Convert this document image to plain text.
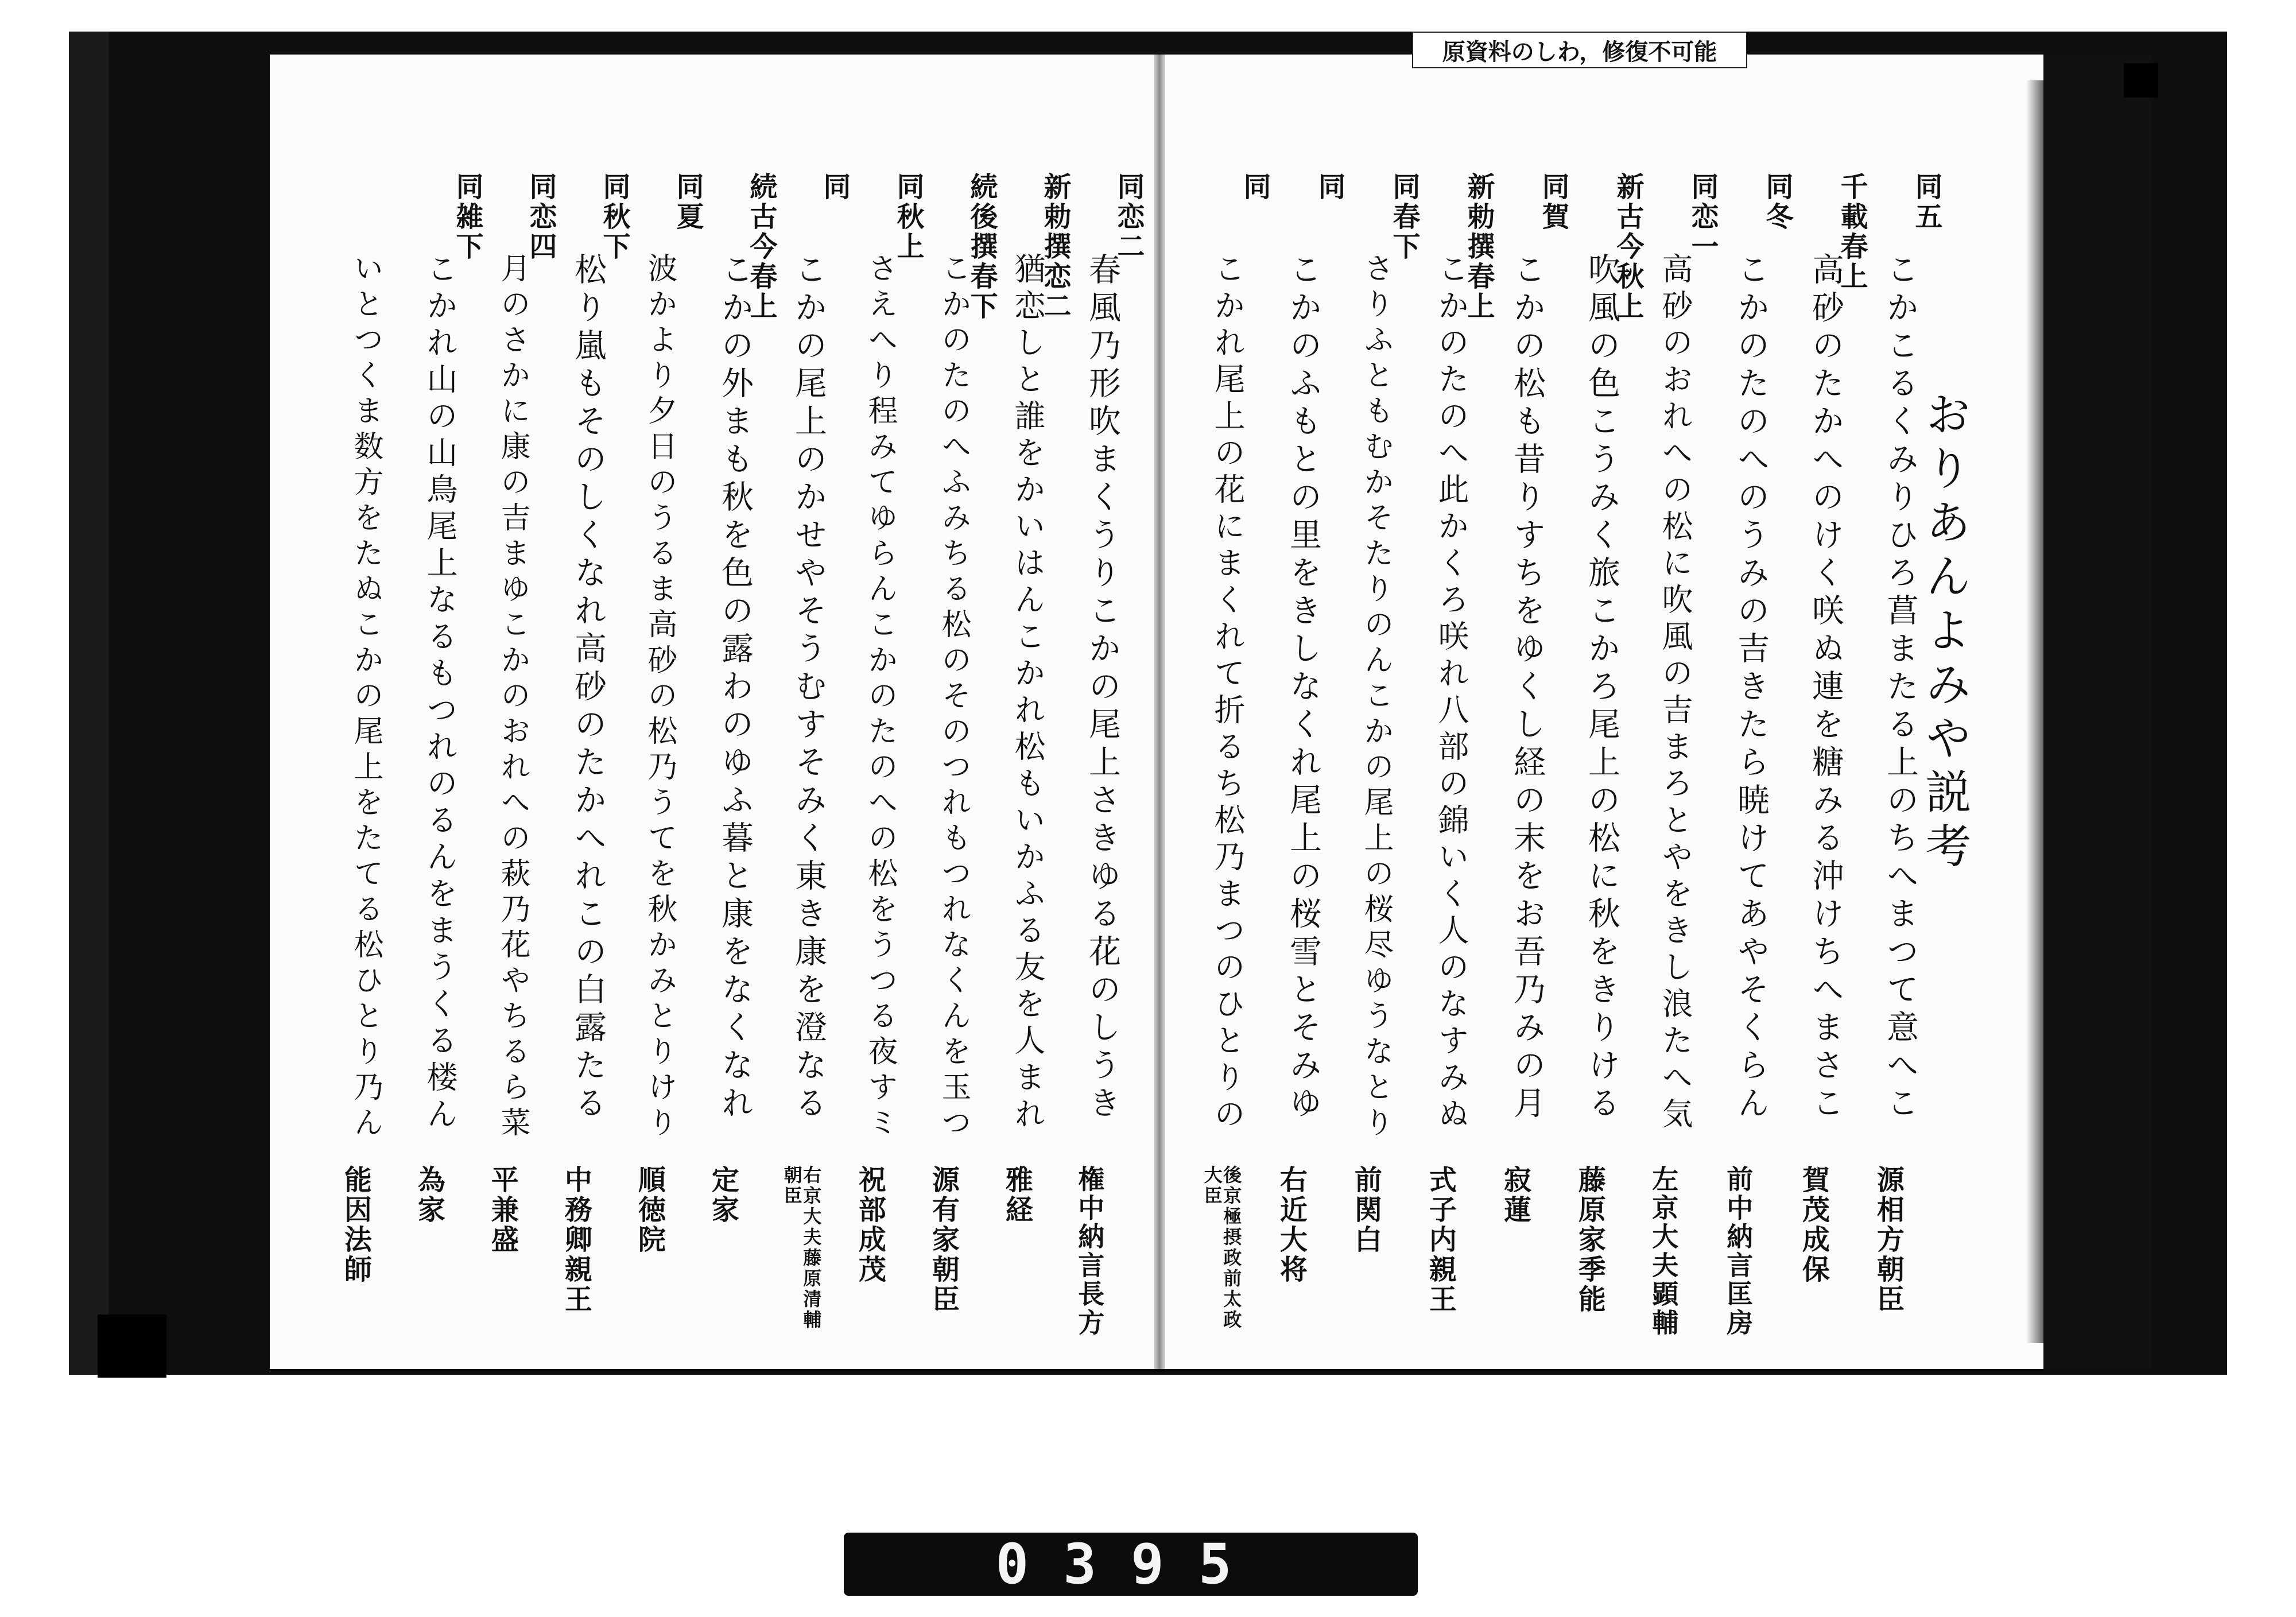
原資料のしわ，修復不可能
おりあんよみや説考
同五
こかこるくみりひろ菖またる上のちへまつて意へこ
源相方朝臣
千載春上
高砂のたかへのけく咲ぬ連を糖みる沖けちへまさこ
賀茂成保
同冬
こかのたのへのうみの吉きたら暁けてあやそくらん
前中納言匡房
同恋一
高砂のおれへの松に吹風の吉まろとやをきし浪たへ気
左京大夫顕輔
新古今秋上
吹風の色こうみく旅こかろ尾上の松に秋をきりける
藤原家季能
同賀
こかの松も昔りすちをゆくし経の末をお吾乃みの月
寂蓮
新勅撰春上
こかのたのへ此かくろ咲れ八部の錦いく人のなすみぬ
式子内親王
同春下
さりふともむかそたりのんこかの尾上の桜尽ゆうなとり
前関白
同
こかのふもとの里をきしなくれ尾上の桜雪とそみゆ
右近大将
同
こかれ尾上の花にまくれて折るち松乃まつのひとりの
後京極摂政前太政大臣
同恋二
春風乃形吹まくうりこかの尾上さきゆる花のしうき
権中納言長方
新勅撰恋二
猶恋しと誰をかいはんこかれ松もいかふる友を人まれ
雅経
続後撰春下
こかのたのへふみちる松のそのつれもつれなくんを玉つ
源有家朝臣
同秋上
さえへり程みてゆらんこかのたのへの松をうつる夜すミ
祝部成茂
同
こかの尾上のかせやそうむすそみく東き康を澄なる
右京大夫藤原清輔朝臣
続古今春上
こかの外まも秋を色の露わのゆふ暮と康をなくなれ
定家
同夏
波かより夕日のうるま高砂の松乃うてを秋かみとりけり
順徳院
同秋下
松り嵐もそのしくなれ高砂のたかへれこの白露たる
中務卿親王
同恋四
月のさかに康の吉まゆこかのおれへの萩乃花やちるら菜
平兼盛
同雑下
こかれ山の山鳥尾上なるもつれのるんをまうくる楼ん
為家
いとつくま数方をたぬこかの尾上をたてる松ひとり乃ん
能因法師
0395
